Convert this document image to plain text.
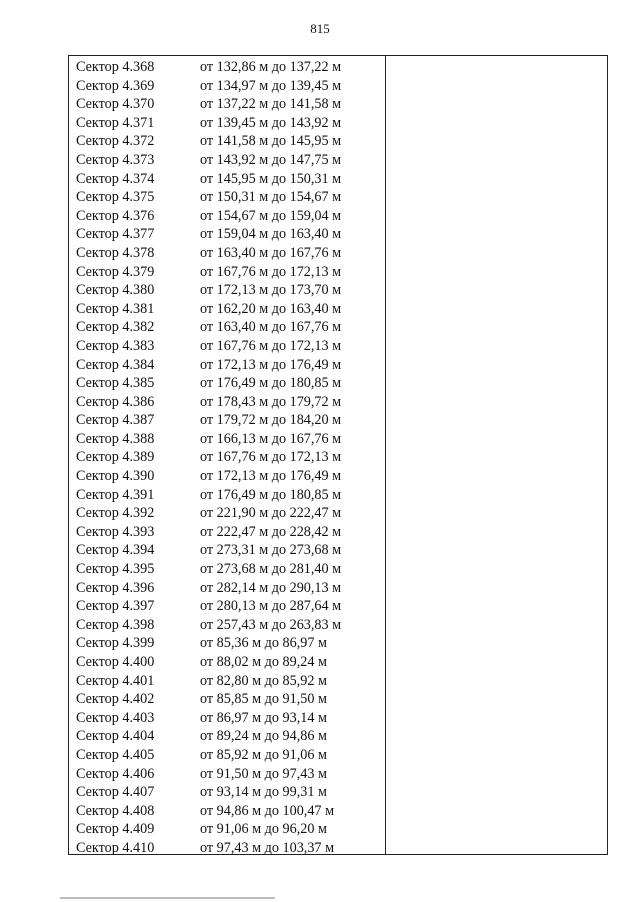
815
Сектор 4.368	от 132,86 м до 137,22 м
Сектор 4.369	от 134,97 м до 139,45 м
Сектор 4.370	от 137,22 м до 141,58 м
Сектор 4.371	от 139,45 м до 143,92 м
Сектор 4.372	от 141,58 м до 145,95 м
Сектор 4.373	от 143,92 м до 147,75 м
Сектор 4.374	от 145,95 м до 150,31 м
Сектор 4.375	от 150,31 м до 154,67 м
Сектор 4.376	от 154,67 м до 159,04 м
Сектор 4.377	от 159,04 м до 163,40 м
Сектор 4.378	от 163,40 м до 167,76 м
Сектор 4.379	от 167,76 м до 172,13 м
Сектор 4.380	от 172,13 м до 173,70 м
Сектор 4.381	от 162,20 м до 163,40 м
Сектор 4.382	от 163,40 м до 167,76 м
Сектор 4.383	от 167,76 м до 172,13 м
Сектор 4.384	от 172,13 м до 176,49 м
Сектор 4.385	от 176,49 м до 180,85 м
Сектор 4.386	от 178,43 м до 179,72 м
Сектор 4.387	от 179,72 м до 184,20 м
Сектор 4.388	от 166,13 м до 167,76 м
Сектор 4.389	от 167,76 м до 172,13 м
Сектор 4.390	от 172,13 м до 176,49 м
Сектор 4.391	от 176,49 м до 180,85 м
Сектор 4.392	от 221,90 м до 222,47 м
Сектор 4.393	от 222,47 м до 228,42 м
Сектор 4.394	от 273,31 м до 273,68 м
Сектор 4.395	от 273,68 м до 281,40 м
Сектор 4.396	от 282,14 м до 290,13 м
Сектор 4.397	от 280,13 м до 287,64 м
Сектор 4.398	от 257,43 м до 263,83 м
Сектор 4.399	от 85,36 м до 86,97 м
Сектор 4.400	от 88,02 м до 89,24 м
Сектор 4.401	от 82,80 м до 85,92 м
Сектор 4.402	от 85,85 м до 91,50 м
Сектор 4.403	от 86,97 м до 93,14 м
Сектор 4.404	от 89,24 м до 94,86 м
Сектор 4.405	от 85,92 м до 91,06 м
Сектор 4.406	от 91,50 м до 97,43 м
Сектор 4.407	от 93,14 м до 99,31 м
Сектор 4.408	от 94,86 м до 100,47 м
Сектор 4.409	от 91,06 м до 96,20 м
Сектор 4.410	от 97,43 м до 103,37 м
